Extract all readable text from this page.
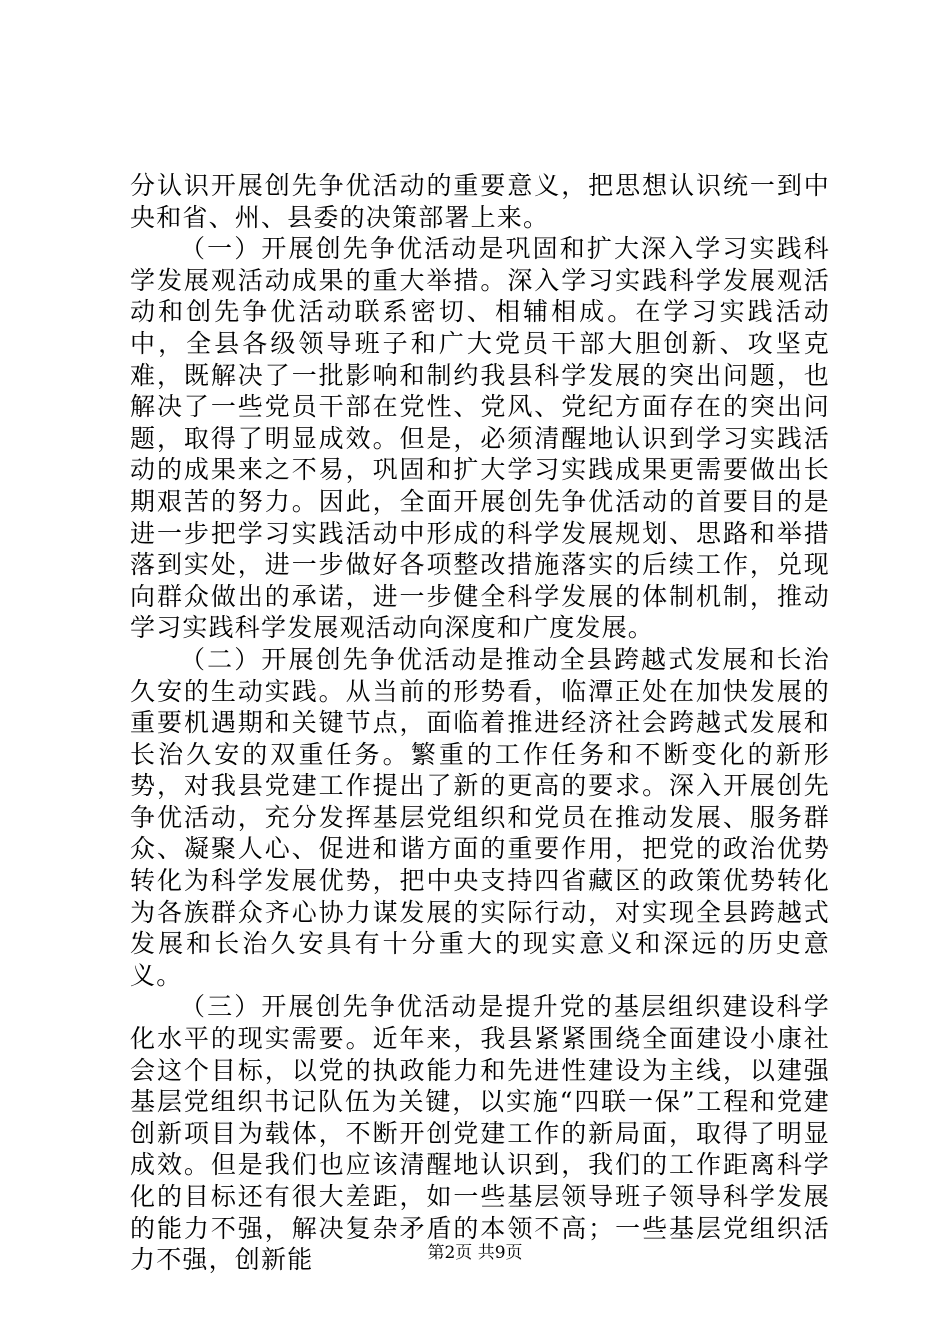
分认识开展创先争优活动的重要意义，把思想认识统一到中央和省、州、县委的决策部署上来。

（一）开展创先争优活动是巩固和扩大深入学习实践科学发展观活动成果的重大举措。深入学习实践科学发展观活动和创先争优活动联系密切、相辅相成。在学习实践活动中，全县各级领导班子和广大党员干部大胆创新、攻坚克难，既解决了一批影响和制约我县科学发展的突出问题，也解决了一些党员干部在党性、党风、党纪方面存在的突出问题，取得了明显成效。但是，必须清醒地认识到学习实践活动的成果来之不易，巩固和扩大学习实践成果更需要做出长期艰苦的努力。因此，全面开展创先争优活动的首要目的是进一步把学习实践活动中形成的科学发展规划、思路和举措落到实处，进一步做好各项整改措施落实的后续工作，兑现向群众做出的承诺，进一步健全科学发展的体制机制，推动学习实践科学发展观活动向深度和广度发展。

（二）开展创先争优活动是推动全县跨越式发展和长治久安的生动实践。从当前的形势看，临潭正处在加快发展的重要机遇期和关键节点，面临着推进经济社会跨越式发展和长治久安的双重任务。繁重的工作任务和不断变化的新形势，对我县党建工作提出了新的更高的要求。深入开展创先争优活动，充分发挥基层党组织和党员在推动发展、服务群众、凝聚人心、促进和谐方面的重要作用，把党的政治优势转化为科学发展优势，把中央支持四省藏区的政策优势转化为各族群众齐心协力谋发展的实际行动，对实现全县跨越式发展和长治久安具有十分重大的现实意义和深远的历史意义。

（三）开展创先争优活动是提升党的基层组织建设科学化水平的现实需要。近年来，我县紧紧围绕全面建设小康社会这个目标，以党的执政能力和先进性建设为主线，以建强基层党组织书记队伍为关键，以实施“四联一保”工程和党建创新项目为载体，不断开创党建工作的新局面，取得了明显成效。但是我们也应该清醒地认识到，我们的工作距离科学化的目标还有很大差距，如一些基层领导班子领导科学发展的能力不强，解决复杂矛盾的本领不高；一些基层党组织活力不强，创新能	第2页 共9页
